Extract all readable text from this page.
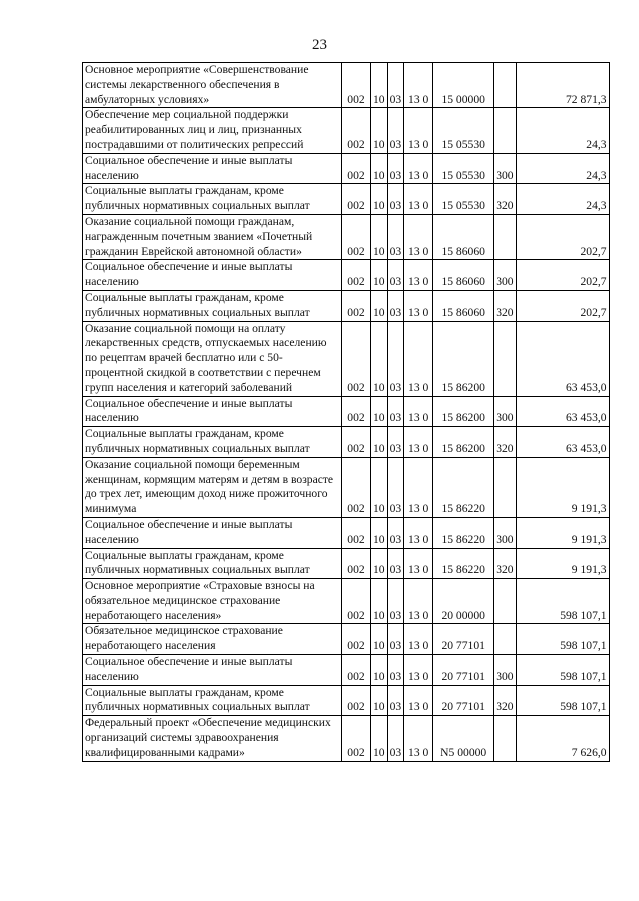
23
Основное мероприятие «Совершенствование системы лекарственного обеспечения в амбулаторных условиях»	002	10	03	13 0	15 00000		72 871,3
Обеспечение мер социальной поддержки реабилитированных лиц и лиц, признанных пострадавшими от политических репрессий	002	10	03	13 0	15 05530		24,3
Социальное обеспечение и иные выплаты населению	002	10	03	13 0	15 05530	300	24,3
Социальные выплаты гражданам, кроме публичных нормативных социальных выплат	002	10	03	13 0	15 05530	320	24,3
Оказание социальной помощи гражданам, награжденным почетным званием «Почетный гражданин Еврейской автономной области»	002	10	03	13 0	15 86060		202,7
Социальное обеспечение и иные выплаты населению	002	10	03	13 0	15 86060	300	202,7
Социальные выплаты гражданам, кроме публичных нормативных социальных выплат	002	10	03	13 0	15 86060	320	202,7
Оказание социальной помощи на оплату лекарственных средств, отпускаемых населению по рецептам врачей бесплатно или с 50-процентной скидкой в соответствии с перечнем групп населения и категорий заболеваний	002	10	03	13 0	15 86200		63 453,0
Социальное обеспечение и иные выплаты населению	002	10	03	13 0	15 86200	300	63 453,0
Социальные выплаты гражданам, кроме публичных нормативных социальных выплат	002	10	03	13 0	15 86200	320	63 453,0
Оказание социальной помощи беременным женщинам, кормящим матерям и детям в возрасте до трех лет, имеющим доход ниже прожиточного минимума	002	10	03	13 0	15 86220		9 191,3
Социальное обеспечение и иные выплаты населению	002	10	03	13 0	15 86220	300	9 191,3
Социальные выплаты гражданам, кроме публичных нормативных социальных выплат	002	10	03	13 0	15 86220	320	9 191,3
Основное мероприятие «Страховые взносы на обязательное медицинское страхование неработающего населения»	002	10	03	13 0	20 00000		598 107,1
Обязательное медицинское страхование неработающего населения	002	10	03	13 0	20 77101		598 107,1
Социальное обеспечение и иные выплаты населению	002	10	03	13 0	20 77101	300	598 107,1
Социальные выплаты гражданам, кроме публичных нормативных социальных выплат	002	10	03	13 0	20 77101	320	598 107,1
Федеральный проект «Обеспечение медицинских организаций системы здравоохранения квалифицированными кадрами»	002	10	03	13 0	N5 00000		7 626,0
